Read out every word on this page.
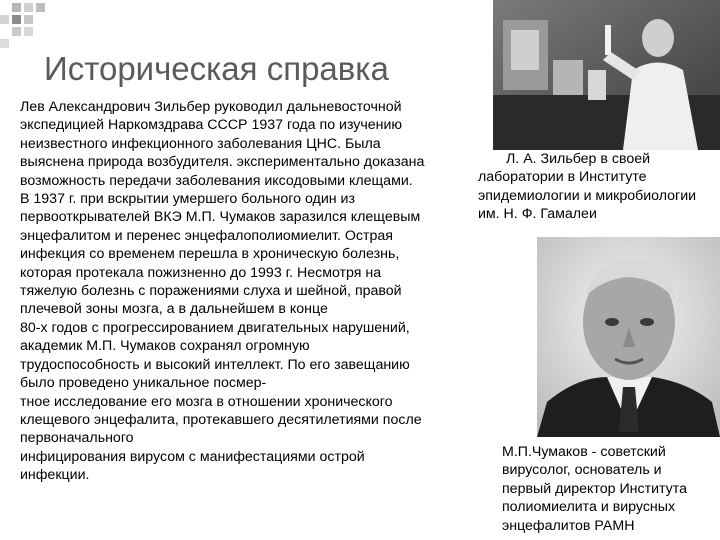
Историческая справка
Лев Александрович Зильбер руководил дальневосточной
экспедицией Наркомздрава СССР 1937 года по изучению
неизвестного инфекционного заболевания ЦНС. Была
выяснена природа возбудителя. экспериментально доказана
возможность передачи заболевания иксодовыми клещами.
В 1937 г. при вскрытии умершего больного один из
первооткрывателей ВКЭ М.П. Чумаков заразился клещевым
энцефалитом и перенес энцефалополиомиелит. Острая
инфекция со временем перешла в хроническую болезнь,
которая протекала пожизненно до 1993 г. Несмотря на
тяжелую болезнь с поражениями слуха и шейной, правой
плечевой зоны мозга, а в дальнейшем в конце
80-х годов с прогрессированием двигательных нарушений,
академик М.П. Чумаков сохранял огромную
трудоспособность и высокий интеллект. По его завещанию
было проведено уникальное посмер-
тное исследование его мозга в отношении хронического
клещевого энцефалита, протекавшего десятилетиями после
первоначального
инфицирования вирусом с манифестациями острой
инфекции.
Л. А. Зильбер в своей
лаборатории в Институте
эпидемиологии и микробиологии
им. Н. Ф. Гамалеи
М.П.Чумаков - советский
вирусолог, основатель и
первый директор Института
полиомиелита и вирусных
энцефалитов РАМН
